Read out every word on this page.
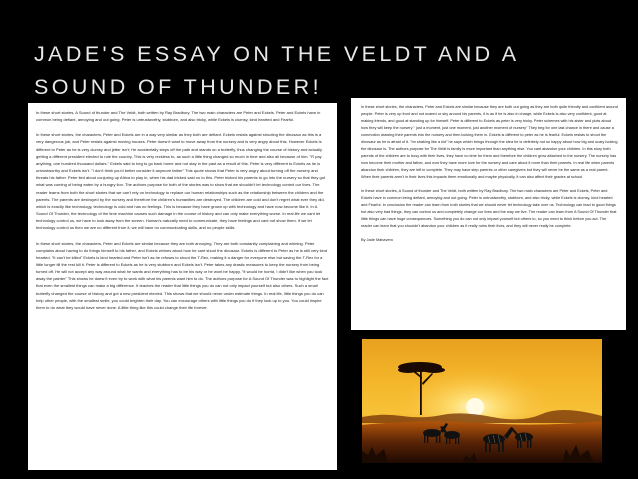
JADE'S ESSAY ON THE VELDT AND A SOUND OF THUNDER!

In these short stories, A Sound of thunder and The Veldt, both written by Ray Bradbury. The two main characters are Peter and Eckels. Peter and Eckels have in common being defiant, annoying and out going. Peter is untrustworthy, stubborn, and also tricky, while Eckels is clumsy, kind hearted and Fearful.

In these short stories, the characters, Peter and Eckels are in a way very similar as they both are defiant. Eckels resists against shooting the dinosaur as this is a very dangerous job, and Peter resists against moving houses. Peter doesn't want to move away from the nursery and is very angry about this. However Eckels is different to Peter as he is very clumsy and jetter isn't; He accidentally steps off the path and stands on a butterfly, thus changing the course of history and actually getting a different president elected to rule the country. This is very reckless to, as such a little thing changed so much in time and also all because of him. "R pay anything, one hundred thousand dollars." Eckels said to beg to go back home and not stay in the past as a result of this. Peter is very different to Eckels as he is untrustworthy and Eckels isn't. "I don't think you'd better consider it anymore father" This quote shows that Peter is very angry about turning off the nursery and threats his father. Peter lied about conjuring up Africa to play in, when his dad tricked said no to this. Peter tricked his parents to go into the nursery so that they got what was coming of being eaten by a hungry lion. The authors purpose for both of the stories was to show that we shouldn't let technology control our lives. The reader learns from both the short stories that we can't rely on technology to replace our human relationships such as the relationship between the children and the parents. The parents are destroyed by the nursery and therefore the children's humanities are destroyed. The children are cold and don't regret what ever they did, which is exactly like technology, technology is cold and has no feelings. This is because they have grown up with technology and have now become like it. In A Sound Of Thunder, the technology of the time machine causes such damage in the course of history and can only make everything worse. In real life we cant let technology control us, we have to look away from the screen. Human's naturally need to communicate, they have feelings and cant not show them. If we let technology control us then we are no different from it, we will have no communicating skills, and no people skills.

In these short stories, the characters, Peter and Eckels are similar because they are both annoying. They are both constantly complaining and whining. Peter complains about having to do things himself to his father, and Eckels whines about how he cant shoot the dinosaur. Eckels is different to Peter as he is still very kind hearted. "It can't be killed" Eckels is kind hearted and Peter isn't as he refuses to shoot the T-Rex, making it a danger for everyone else but saving the T-Rex for a little longer till the rest kill it. Peter is different to Eckels as he is very stubborn and Eckels isn't. Peter takes any drastic measures to keep the nursery from being turned off. He will not accept any way around what he wants and everything has to be his way or he wont be happy. "It would be horrid, I didn't like when you took away the painter" This shows he doesn't even try to work with what his parents want him to do. The authors purpose for A Sound Of Thunder was to highlight the fact that even the smallest things can make a big difference. It teaches the reader that little things you do can not only impact yourself but also others. Such a small butterfly changed the course of history and got a new president elected. This shows that we should never under estimate things. In real life, little things you do can help other people, with the smallest smile, you could brighten their day. You can encourage others with little things you do if they look up to you. You could inspire them to do what they would have never done. A little thing like this could change their life forever.

In these short stories, the characters, Peter and Eckels are similar because they are both out going as they are both quite friendly and confident around people. Peter is very up front and not scared or shy around his parents, it is as if he is also in charge, while Eckels is also very confident, good at making friends, and good at standing up for himself. Peter is different to Eckels as peter is very tricky. Peter schemes with his sister and plots about how they will keep the nursery " just a moment, just one moment, just another moment of nursery" They beg for one last chance in there and cause a commotion drawing their parents into the nursery and then locking them in. Eckels is different to peter as he is fearful. Eckels resists to shoot the dinosaur as he is afraid of it. "Im shaking like a kid" he says which brings through the idea he is definitely not so happy about how big and scary looking the dinosaur is. The authors purpose for The Veldt is family is more important than anything else. You cant abandon your children. In this story both parents of the children are to busy with their lives, they have no time for them and therefore the children grow attached to the nursery. The nursery has now become their mother and father, and now they have more love for the nursery and care about it more than their parents. In real life when parents abandon their children, they are left in complete. They may have step parents or other caregivers but they will never be the same as a real parent. When their parents aren't in their lives this impacts them emotionally and maybe physically, it can also affect their grades at school.

In these short stories, A Sound of thunder and The Veldt, both written by Ray Bradbury. The two main characters are Peter and Eckels, Peter and Eckels have in common being defiant, annoying and out going. Peter is untrustworthy, stubborn, and also tricky, while Eckels is clumsy, kind hearted and Fearful. In conclusion the reader can learn from both stories that we should never let technology take over us. Technology can lead to good things but also very bad things, they can control us and completely change our lives and the way we live. The reader can learn from A Sound Of Thunder that little things can have huge consequences. Something you do can not only impact yourself but others to, so you need to think before you act. The reader can learn that you shouldn't abandon your children as it really ruins their lives, and they will never really be complete.

By Jade Mahavero
